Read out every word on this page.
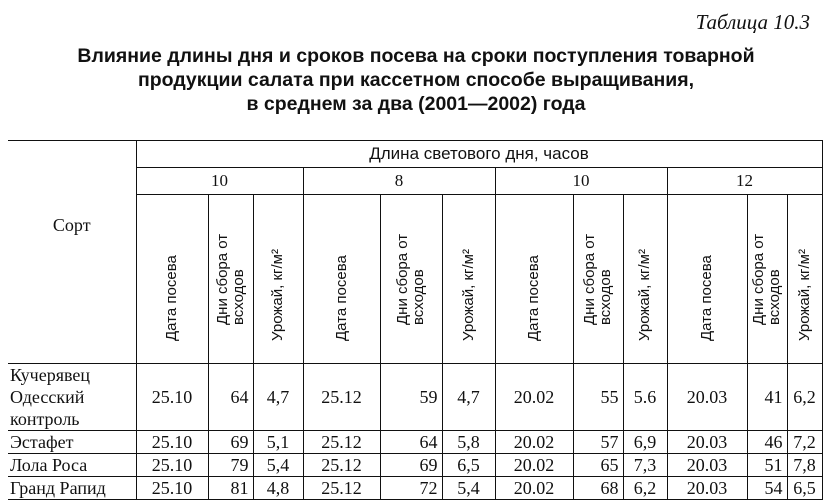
Таблица 10.3
Влияние длины дня и сроков посева на сроки поступления товарной
продукции салата при кассетном способе выращивания,
в среднем за два (2001—2002) года
Сорт	Длина светового дня, часов											
	10			8			10			12		

	Дата посева	Дни сбора от всходов	Урожай, кг/м²	Дата посева	Дни сбора от всходов	Урожай, кг/м²	Дата посева	Дни сбора от всходов	Урожай, кг/м²	Дата посева	Дни сбора от всходов	Урожай, кг/м²

Кучерявец Одесский контроль	25.10	64	4,7	25.12	59	4,7	20.02	55	5.6	20.03	41	6,2
Эстафет	25.10	69	5,1	25.12	64	5,8	20.02	57	6,9	20.03	46	7,2
Лола Роса	25.10	79	5,4	25.12	69	6,5	20.02	65	7,3	20.03	51	7,8
Гранд Рапид	25.10	81	4,8	25.12	72	5,4	20.02	68	6,2	20.03	54	6,5
